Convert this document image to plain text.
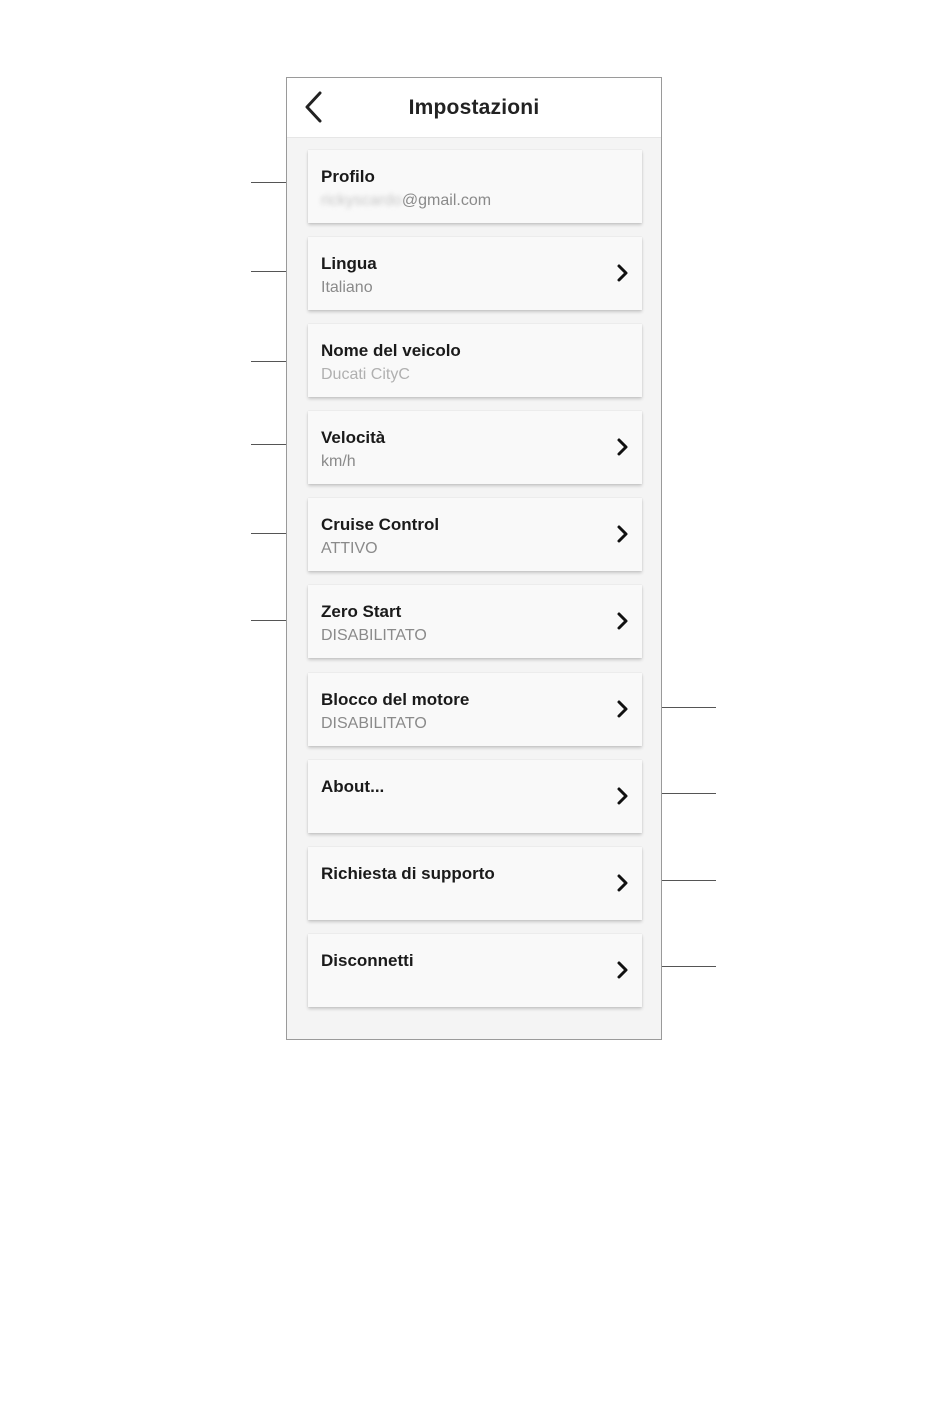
Impostazioni
Profilo
rickyscardo@gmail.com
Lingua
Italiano
Nome del veicolo
Ducati CityC
Velocità
km/h
Cruise Control
ATTIVO
Zero Start
DISABILITATO
Blocco del motore
DISABILITATO
About...
Richiesta di supporto
Disconnetti
